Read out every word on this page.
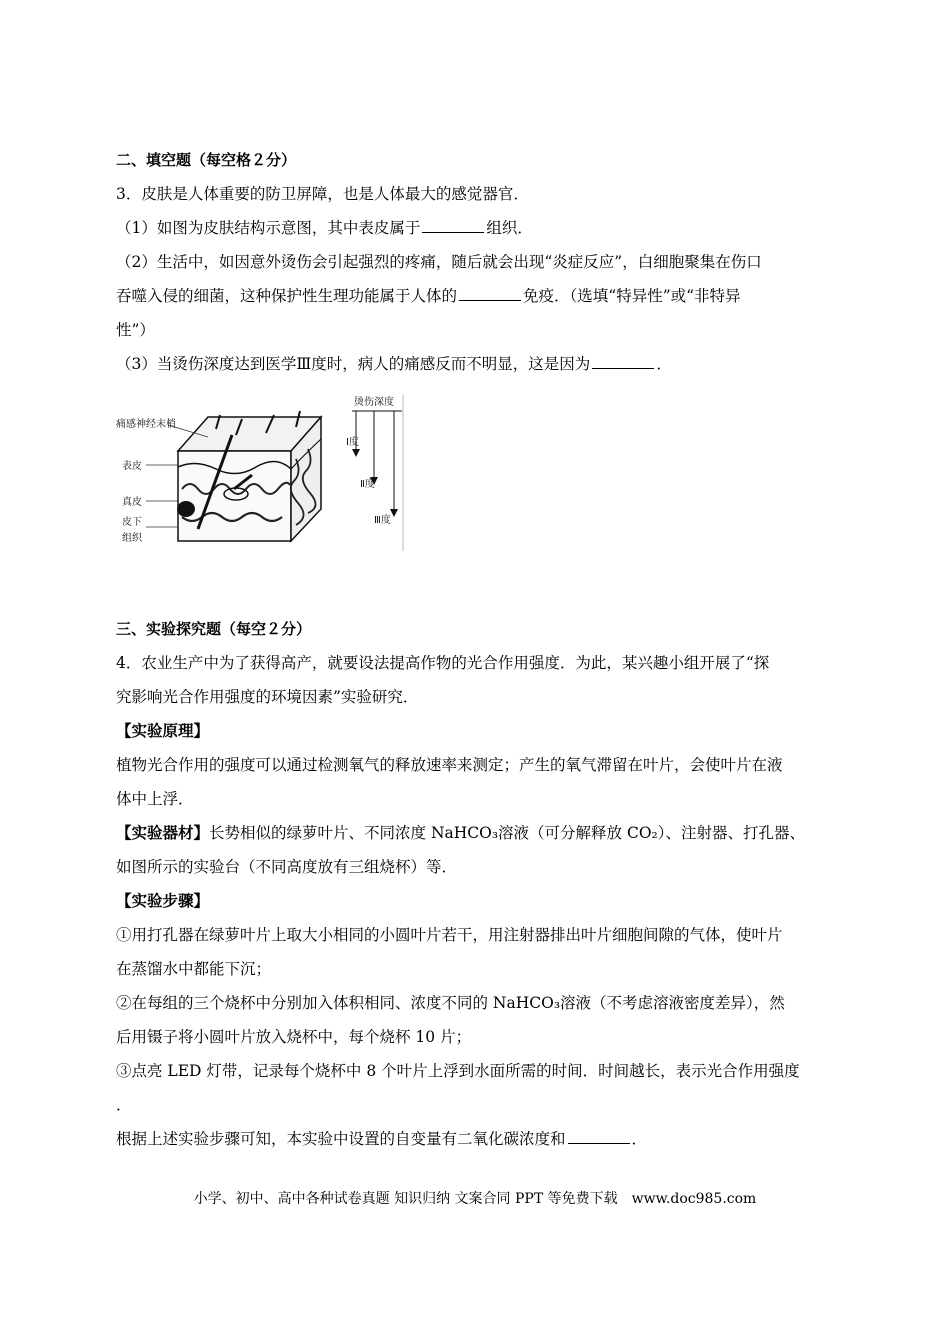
二、填空题（每空格２分）
3．皮肤是人体重要的防卫屏障，也是人体最大的感觉器官．
（1）如图为皮肤结构示意图，其中表皮属于	组织．
（2）生活中，如因意外烫伤会引起强烈的疼痛，随后就会出现“炎症反应”，白细胞聚集在伤口
吞噬入侵的细菌，这种保护性生理功能属于人体的	免疫．（选填“特异性”或“非特异
性”）
（3）当烫伤深度达到医学Ⅲ度时，病人的痛感反而不明显，这是因为	．
痛感神经末梢
表皮
真皮
皮下
组织
烫伤深度
Ⅰ度
Ⅱ度
Ⅲ度
三、实验探究题（每空２分）
4．农业生产中为了获得高产，就要设法提高作物的光合作用强度．为此，某兴趣小组开展了“探
究影响光合作用强度的环境因素”实验研究．
【实验原理】
植物光合作用的强度可以通过检测氧气的释放速率来测定；产生的氧气滞留在叶片，会使叶片在液
体中上浮．
【实验器材】长势相似的绿萝叶片、不同浓度 NaHCO₃溶液（可分解释放 CO₂）、注射器、打孔器、
如图所示的实验台（不同高度放有三组烧杯）等．
【实验步骤】
①用打孔器在绿萝叶片上取大小相同的小圆叶片若干，用注射器排出叶片细胞间隙的气体，使叶片
在蒸馏水中都能下沉；
②在每组的三个烧杯中分别加入体积相同、浓度不同的 NaHCO₃溶液（不考虑溶液密度差异），然
后用镊子将小圆叶片放入烧杯中，每个烧杯 10 片；
③点亮 LED 灯带，记录每个烧杯中 8 个叶片上浮到水面所需的时间．时间越长，表示光合作用强度
．
根据上述实验步骤可知，本实验中设置的自变量有二氧化碳浓度和	．
小学、初中、高中各种试卷真题 知识归纳 文案合同 PPT 等免费下载　www.doc985.com
